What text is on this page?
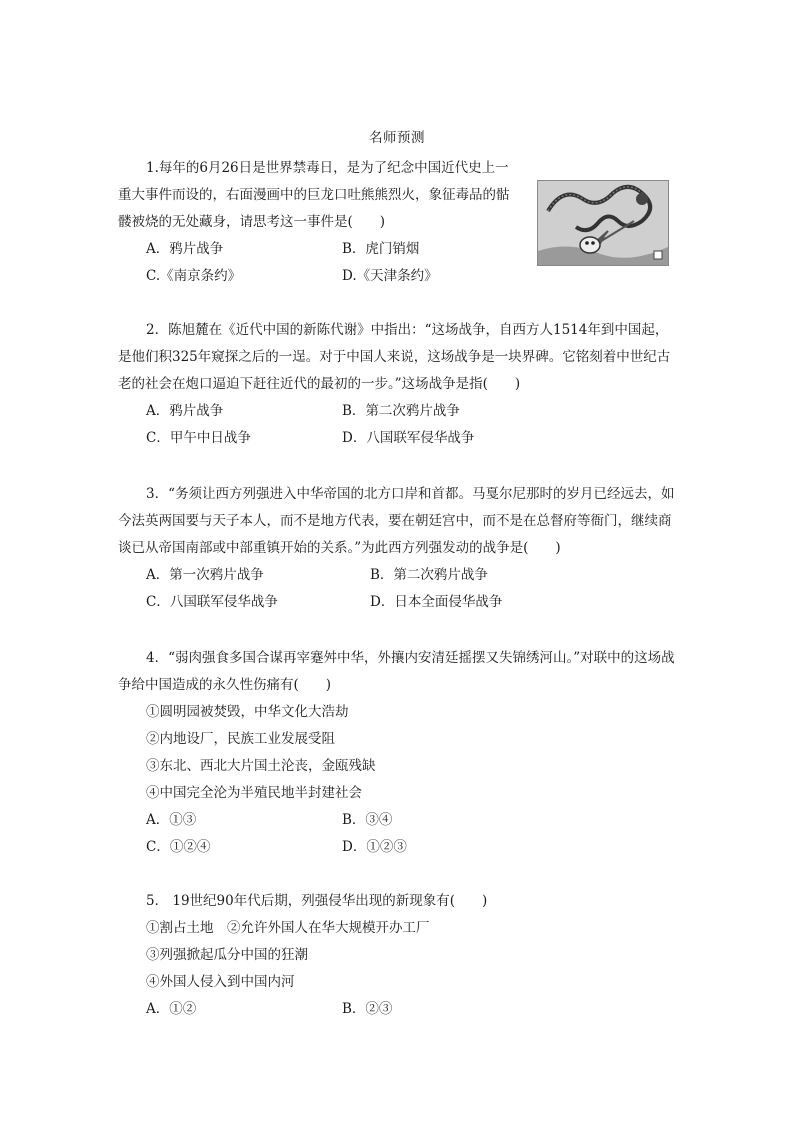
名师预测

1.每年的6月26日是世界禁毒日，是为了纪念中国近代史上一重大事件而设的，右面漫画中的巨龙口吐熊熊烈火，象征毒品的骷髅被烧的无处藏身，请思考这一事件是(　　)

A．鸦片战争	B．虎门销烟
C.《南京条约》	D.《天津条约》

2．陈旭麓在《近代中国的新陈代谢》中指出：“这场战争，自西方人1514年到中国起，是他们积325年窥探之后的一逞。对于中国人来说，这场战争是一块界碑。它铭刻着中世纪古老的社会在炮口逼迫下赶往近代的最初的一步。”这场战争是指(　　)

A．鸦片战争	B．第二次鸦片战争
C．甲午中日战争	D．八国联军侵华战争

3．“务须让西方列强进入中华帝国的北方口岸和首都。马戛尔尼那时的岁月已经远去，如今法英两国要与天子本人，而不是地方代表，要在朝廷宫中，而不是在总督府等衙门，继续商谈已从帝国南部或中部重镇开始的关系。”为此西方列强发动的战争是(　　)

A．第一次鸦片战争	B．第二次鸦片战争
C．八国联军侵华战争	D．日本全面侵华战争

4．“弱肉强食多国合谋再宰蹇舛中华，外攘内安清廷摇摆又失锦绣河山。”对联中的这场战争给中国造成的永久性伤痛有(　　)

①圆明园被焚毁，中华文化大浩劫

②内地设厂，民族工业发展受阻

③东北、西北大片国土沦丧，金瓯残缺

④中国完全沦为半殖民地半封建社会

A．①③	B．③④
C．①②④	D．①②③

5． 19世纪90年代后期，列强侵华出现的新现象有(　　)

①割占土地　②允许外国人在华大规模开办工厂

③列强掀起瓜分中国的狂潮

④外国人侵入到中国内河

A．①②	B．②③
